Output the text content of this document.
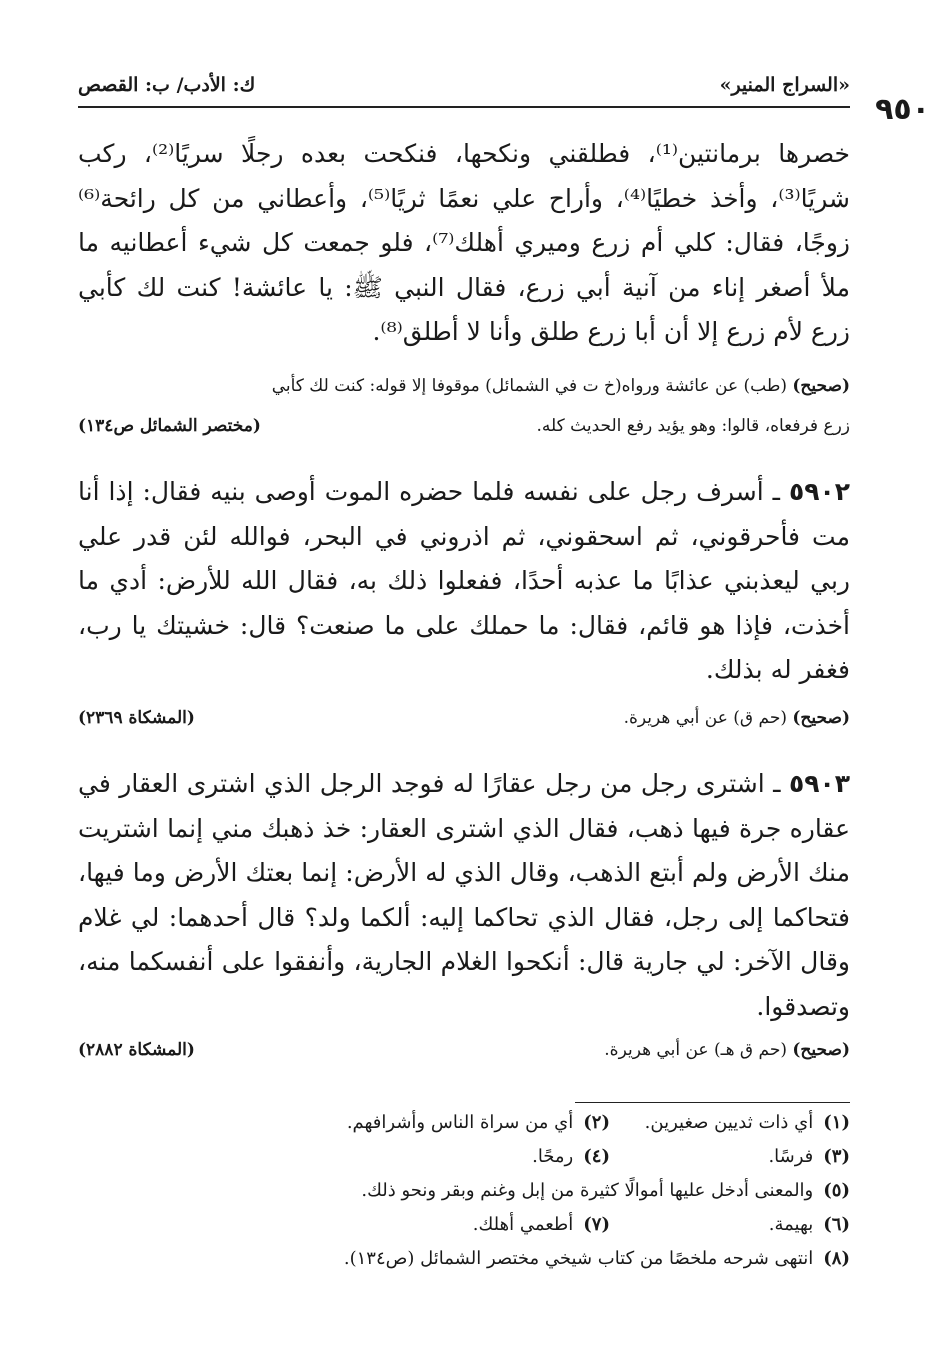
٩٥٠
«السراج المنير»
ك: الأدب/ ب: القصص

خصرها برمانتين⁽¹⁾، فطلقني ونكحها، فنكحت بعده رجلًا سريًا⁽²⁾، ركب شريًا⁽³⁾، وأخذ خطيًا⁽⁴⁾، وأراح علي نعمًا ثريًا⁽⁵⁾، وأعطاني من كل رائحة⁽⁶⁾ زوجًا، فقال: كلي أم زرع وميري أهلك⁽⁷⁾، فلو جمعت كل شيء أعطانيه ما ملأ أصغر إناء من آنية أبي زرع، فقال النبي ﷺ: يا عائشة! كنت لك كأبي زرع لأم زرع إلا أن أبا زرع طلق وأنا لا أطلق⁽⁸⁾.

(صحيح) (طب) عن عائشة ورواه(خ ت في الشمائل) موقوفا إلا قوله: كنت لك كأبي

زرع فرفعاه، قالوا: وهو يؤيد رفع الحديث كله.
(مختصر الشمائل ص١٣٤)

٥٩٠٢ ـ أسرف رجل على نفسه فلما حضره الموت أوصى بنيه فقال: إذا أنا مت فأحرقوني، ثم اسحقوني، ثم اذروني في البحر، فوالله لئن قدر علي ربي ليعذبني عذابًا ما عذبه أحدًا، ففعلوا ذلك به، فقال الله للأرض: أدي ما أخذت، فإذا هو قائم، فقال: ما حملك على ما صنعت؟ قال: خشيتك يا رب، فغفر له بذلك.

(صحيح) (حم ق) عن أبي هريرة.
(المشكاة ٢٣٦٩)

٥٩٠٣ ـ اشترى رجل من رجل عقارًا له فوجد الرجل الذي اشترى العقار في عقاره جرة فيها ذهب، فقال الذي اشترى العقار: خذ ذهبك مني إنما اشتريت منك الأرض ولم أبتع الذهب، وقال الذي له الأرض: إنما بعتك الأرض وما فيها، فتحاكما إلى رجل، فقال الذي تحاكما إليه: ألكما ولد؟ قال أحدهما: لي غلام وقال الآخر: لي جارية قال: أنكحوا الغلام الجارية، وأنفقوا على أنفسكما منه، وتصدقوا.

(صحيح) (حم ق هـ) عن أبي هريرة.
(المشكاة ٢٨٨٢)

(١)أي ذات ثديين صغيرين.
(٢)أي من سراة الناس وأشرافهم.
(٣)فرسًا.
(٤)رمحًا.
(٥)والمعنى أدخل عليها أموالًا كثيرة من إبل وغنم وبقر ونحو ذلك.
(٦)بهيمة.
(٧)أطعمي أهلك.
(٨)انتهى شرحه ملخصًا من كتاب شيخي مختصر الشمائل (ص١٣٤).
